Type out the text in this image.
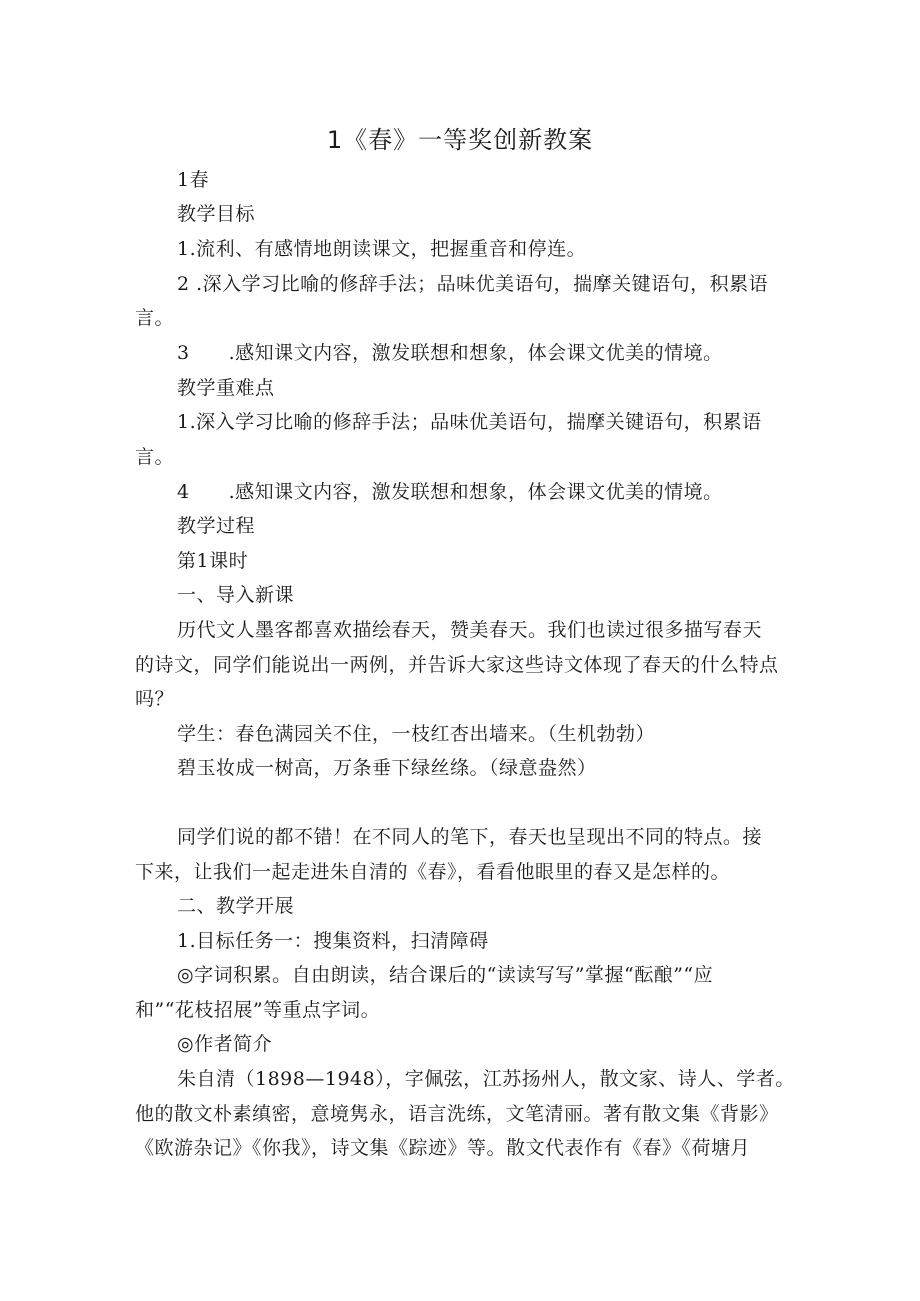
1《春》一等奖创新教案
1春
教学目标
1.流利、有感情地朗读课文，把握重音和停连。
2 .深入学习比喻的修辞手法；品味优美语句，揣摩关键语句，积累语
言。
3　　.感知课文内容，激发联想和想象，体会课文优美的情境。
教学重难点
1.深入学习比喻的修辞手法；品味优美语句，揣摩关键语句，积累语
言。
4　　.感知课文内容，激发联想和想象，体会课文优美的情境。
教学过程
第1课时
一、导入新课
历代文人墨客都喜欢描绘春天，赞美春天。我们也读过很多描写春天
的诗文，同学们能说出一两例，并告诉大家这些诗文体现了春天的什么特点
吗？
学生：春色满园关不住，一枝红杏出墙来。（生机勃勃）
碧玉妆成一树高，万条垂下绿丝绦。（绿意盎然）
同学们说的都不错！在不同人的笔下，春天也呈现出不同的特点。接
下来，让我们一起走进朱自清的《春》，看看他眼里的春又是怎样的。
二、教学开展
1.目标任务一：搜集资料，扫清障碍
◎字词积累。自由朗读，结合课后的“读读写写”掌握“酝酿”“应
和”“花枝招展”等重点字词。
◎作者简介
朱自清（1898—1948），字佩弦，江苏扬州人，散文家、诗人、学者。
他的散文朴素缜密，意境隽永，语言洗练，文笔清丽。著有散文集《背影》
《欧游杂记》《你我》，诗文集《踪迹》等。散文代表作有《春》《荷塘月
